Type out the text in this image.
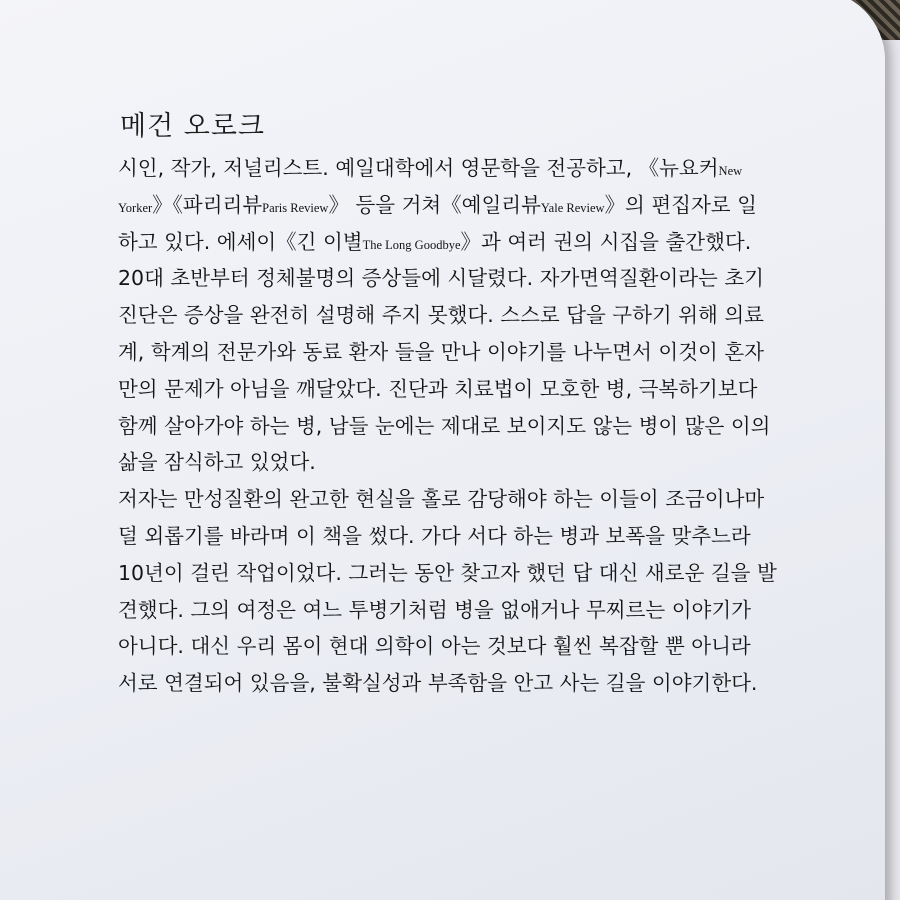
메건 오로크
시인, 작가, 저널리스트. 예일대학에서 영문학을 전공하고, 《뉴요커New
Yorker》《파리리뷰Paris Review》 등을 거쳐《예일리뷰Yale Review》의 편집자로 일
하고 있다. 에세이《긴 이별The Long Goodbye》과 여러 권의 시집을 출간했다.
20대 초반부터 정체불명의 증상들에 시달렸다. 자가면역질환이라는 초기
진단은 증상을 완전히 설명해 주지 못했다. 스스로 답을 구하기 위해 의료
계, 학계의 전문가와 동료 환자 들을 만나 이야기를 나누면서 이것이 혼자
만의 문제가 아님을 깨달았다. 진단과 치료법이 모호한 병, 극복하기보다
함께 살아가야 하는 병, 남들 눈에는 제대로 보이지도 않는 병이 많은 이의
삶을 잠식하고 있었다.
저자는 만성질환의 완고한 현실을 홀로 감당해야 하는 이들이 조금이나마
덜 외롭기를 바라며 이 책을 썼다. 가다 서다 하는 병과 보폭을 맞추느라
10년이 걸린 작업이었다. 그러는 동안 찾고자 했던 답 대신 새로운 길을 발
견했다. 그의 여정은 여느 투병기처럼 병을 없애거나 무찌르는 이야기가
아니다. 대신 우리 몸이 현대 의학이 아는 것보다 훨씬 복잡할 뿐 아니라
서로 연결되어 있음을, 불확실성과 부족함을 안고 사는 길을 이야기한다.
